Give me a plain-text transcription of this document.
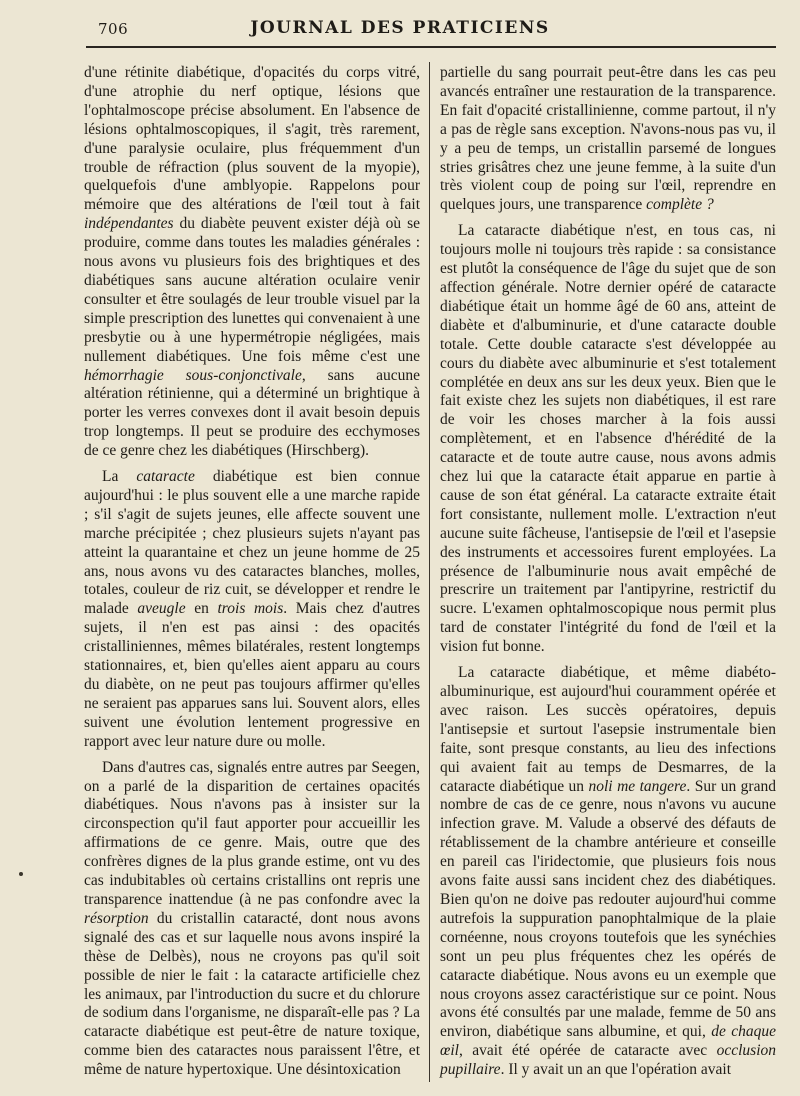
706	JOURNAL DES PRATICIENS

d'une rétinite diabétique, d'opacités du corps vitré, d'une atrophie du nerf optique, lésions que l'ophtalmoscope précise absolument. En l'absence de lésions ophtalmoscopiques, il s'agit, très rarement, d'une paralysie oculaire, plus fréquemment d'un trouble de réfraction (plus souvent de la myopie), quelquefois d'une amblyopie. Rappelons pour mémoire que des altérations de l'œil tout à fait indépendantes du diabète peuvent exister déjà où se produire, comme dans toutes les maladies générales : nous avons vu plusieurs fois des brightiques et des diabétiques sans aucune altération oculaire venir consulter et être soulagés de leur trouble visuel par la simple prescription des lunettes qui convenaient à une presbytie ou à une hypermétropie négligées, mais nullement diabétiques. Une fois même c'est une hémorrhagie sous-conjonctivale, sans aucune altération rétinienne, qui a déterminé un brightique à porter les verres convexes dont il avait besoin depuis trop longtemps. Il peut se produire des ecchymoses de ce genre chez les diabétiques (Hirschberg).

La cataracte diabétique est bien connue aujourd'hui : le plus souvent elle a une marche rapide ; s'il s'agit de sujets jeunes, elle affecte souvent une marche précipitée ; chez plusieurs sujets n'ayant pas atteint la quarantaine et chez un jeune homme de 25 ans, nous avons vu des cataractes blanches, molles, totales, couleur de riz cuit, se développer et rendre le malade aveugle en trois mois. Mais chez d'autres sujets, il n'en est pas ainsi : des opacités cristalliniennes, mêmes bilatérales, restent longtemps stationnaires, et, bien qu'elles aient apparu au cours du diabète, on ne peut pas toujours affirmer qu'elles ne seraient pas apparues sans lui. Souvent alors, elles suivent une évolution lentement progressive en rapport avec leur nature dure ou molle.

Dans d'autres cas, signalés entre autres par Seegen, on a parlé de la disparition de certaines opacités diabétiques. Nous n'avons pas à insister sur la circonspection qu'il faut apporter pour accueillir les affirmations de ce genre. Mais, outre que des confrères dignes de la plus grande estime, ont vu des cas indubitables où certains cristallins ont repris une transparence inattendue (à ne pas confondre avec la résorption du cristallin cataracté, dont nous avons signalé des cas et sur laquelle nous avons inspiré la thèse de Delbès), nous ne croyons pas qu'il soit possible de nier le fait : la cataracte artificielle chez les animaux, par l'introduction du sucre et du chlorure de sodium dans l'organisme, ne disparaît-elle pas ? La cataracte diabétique est peut-être de nature toxique, comme bien des cataractes nous paraissent l'être, et même de nature hypertoxique. Une désintoxication

partielle du sang pourrait peut-être dans les cas peu avancés entraîner une restauration de la transparence. En fait d'opacité cristallinienne, comme partout, il n'y a pas de règle sans exception. N'avons-nous pas vu, il y a peu de temps, un cristallin parsemé de longues stries grisâtres chez une jeune femme, à la suite d'un très violent coup de poing sur l'œil, reprendre en quelques jours, une transparence complète ?

La cataracte diabétique n'est, en tous cas, ni toujours molle ni toujours très rapide : sa consistance est plutôt la conséquence de l'âge du sujet que de son affection générale. Notre dernier opéré de cataracte diabétique était un homme âgé de 60 ans, atteint de diabète et d'albuminurie, et d'une cataracte double totale. Cette double cataracte s'est développée au cours du diabète avec albuminurie et s'est totalement complétée en deux ans sur les deux yeux. Bien que le fait existe chez les sujets non diabétiques, il est rare de voir les choses marcher à la fois aussi complètement, et en l'absence d'hérédité de la cataracte et de toute autre cause, nous avons admis chez lui que la cataracte était apparue en partie à cause de son état général. La cataracte extraite était fort consistante, nullement molle. L'extraction n'eut aucune suite fâcheuse, l'antisepsie de l'œil et l'asepsie des instruments et accessoires furent employées. La présence de l'albuminurie nous avait empêché de prescrire un traitement par l'antipyrine, restrictif du sucre. L'examen ophtalmoscopique nous permit plus tard de constater l'intégrité du fond de l'œil et la vision fut bonne.

La cataracte diabétique, et même diabéto-albuminurique, est aujourd'hui couramment opérée et avec raison. Les succès opératoires, depuis l'antisepsie et surtout l'asepsie instrumentale bien faite, sont presque constants, au lieu des infections qui avaient fait au temps de Desmarres, de la cataracte diabétique un noli me tangere. Sur un grand nombre de cas de ce genre, nous n'avons vu aucune infection grave. M. Valude a observé des défauts de rétablissement de la chambre antérieure et conseille en pareil cas l'iridectomie, que plusieurs fois nous avons faite aussi sans incident chez des diabétiques. Bien qu'on ne doive pas redouter aujourd'hui comme autrefois la suppuration panophtalmique de la plaie cornéenne, nous croyons toutefois que les synéchies sont un peu plus fréquentes chez les opérés de cataracte diabétique. Nous avons eu un exemple que nous croyons assez caractéristique sur ce point. Nous avons été consultés par une malade, femme de 50 ans environ, diabétique sans albumine, et qui, de chaque œil, avait été opérée de cataracte avec occlusion pupillaire. Il y avait un an que l'opération avait
